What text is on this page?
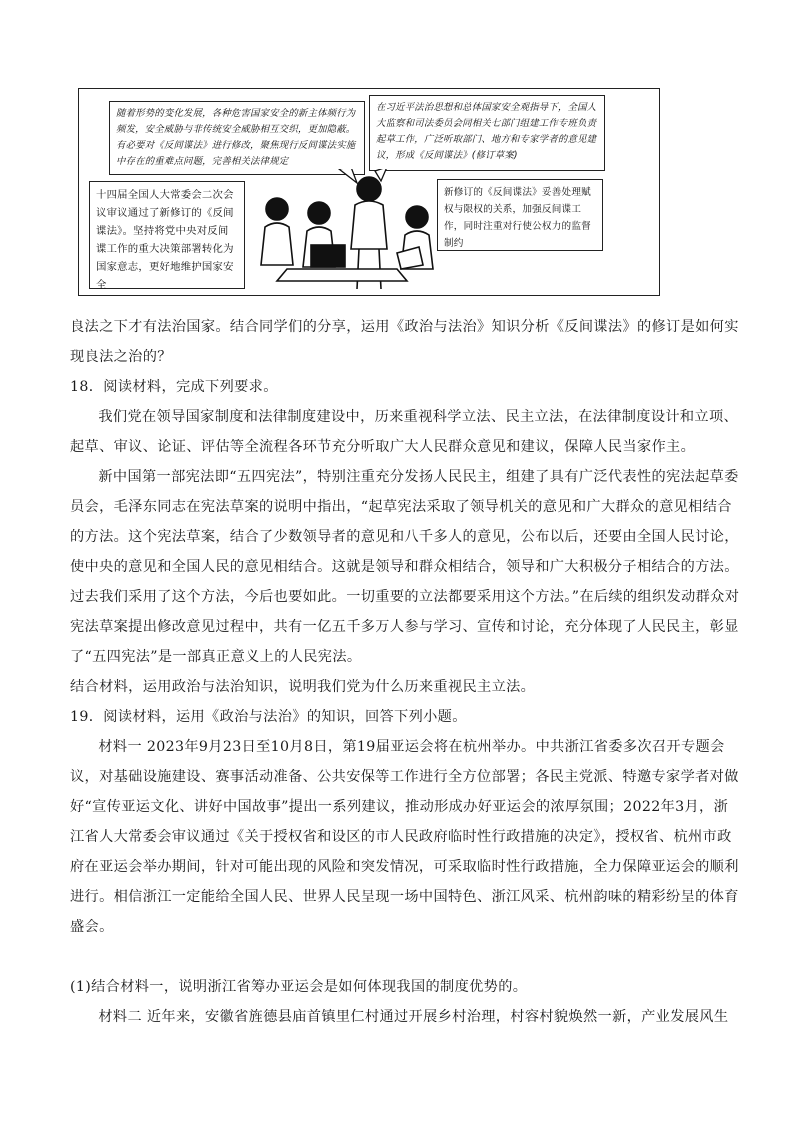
随着形势的变化发展，各种危害国家安全的新主体频行为频发，安全威胁与非传统安全威胁相互交织，更加隐蔽。有必要对《反间谍法》进行修改，聚焦现行反间谍法实施中存在的重难点问题，完善相关法律规定
在习近平法治思想和总体国家安全观指导下，全国人大监察和司法委员会同相关七部门组建工作专班负责起草工作，广泛听取部门、地方和专家学者的意见建议，形成《反间谍法》(修订草案)
十四届全国人大常委会二次会议审议通过了新修订的《反间谍法》。坚持将党中央对反间谍工作的重大决策部署转化为国家意志，更好地维护国家安全
新修订的《反间谍法》妥善处理赋权与限权的关系，加强反间谍工作，同时注重对行使公权力的监督制约

良法之下才有法治国家。结合同学们的分享，运用《政治与法治》知识分析《反间谍法》的修订是如何实现良法之治的？

18．阅读材料，完成下列要求。

我们党在领导国家制度和法律制度建设中，历来重视科学立法、民主立法，在法律制度设计和立项、起草、审议、论证、评估等全流程各环节充分听取广大人民群众意见和建议，保障人民当家作主。

新中国第一部宪法即“五四宪法”，特别注重充分发扬人民民主，组建了具有广泛代表性的宪法起草委员会，毛泽东同志在宪法草案的说明中指出，“起草宪法采取了领导机关的意见和广大群众的意见相结合的方法。这个宪法草案，结合了少数领导者的意见和八千多人的意见，公布以后，还要由全国人民讨论，使中央的意见和全国人民的意见相结合。这就是领导和群众相结合，领导和广大积极分子相结合的方法。过去我们采用了这个方法，今后也要如此。一切重要的立法都要采用这个方法。”在后续的组织发动群众对宪法草案提出修改意见过程中，共有一亿五千多万人参与学习、宣传和讨论，充分体现了人民民主，彰显了“五四宪法”是一部真正意义上的人民宪法。

结合材料，运用政治与法治知识，说明我们党为什么历来重视民主立法。

19．阅读材料，运用《政治与法治》的知识，回答下列小题。

材料一 2023年9月23日至10月8日，第19届亚运会将在杭州举办。中共浙江省委多次召开专题会议，对基础设施建设、赛事活动准备、公共安保等工作进行全方位部署；各民主党派、特邀专家学者对做好“宣传亚运文化、讲好中国故事”提出一系列建议，推动形成办好亚运会的浓厚氛围；2022年3月，浙江省人大常委会审议通过《关于授权省和设区的市人民政府临时性行政措施的决定》，授权省、杭州市政府在亚运会举办期间，针对可能出现的风险和突发情况，可采取临时性行政措施，全力保障亚运会的顺利进行。相信浙江一定能给全国人民、世界人民呈现一场中国特色、浙江风采、杭州韵味的精彩纷呈的体育盛会。

(1)结合材料一，说明浙江省筹办亚运会是如何体现我国的制度优势的。

材料二 近年来，安徽省旌德县庙首镇里仁村通过开展乡村治理，村容村貌焕然一新，产业发展风生
